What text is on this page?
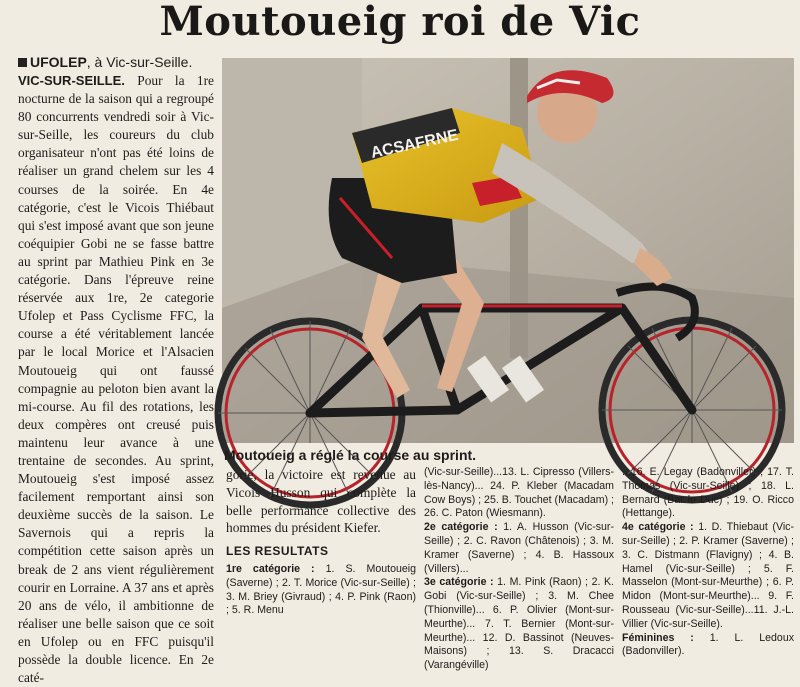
Moutoueig roi de Vic
UFOLEP, à Vic-sur-Seille.
VIC-SUR-SEILLE. Pour la 1re nocturne de la saison qui a regroupé 80 concurrents vendredi soir à Vic-sur-Seille, les coureurs du club organisateur n'ont pas été loins de réaliser un grand chelem sur les 4 courses de la soirée. En 4e catégorie, c'est le Vicois Thiébaut qui s'est imposé avant que son jeune coéquipier Gobi ne se fasse battre au sprint par Mathieu Pink en 3e catégorie. Dans l'épreuve reine réservée aux 1re, 2e categorie Ufolep et Pass Cyclisme FFC, la course a été véritablement lancée par le local Morice et l'Alsacien Moutoueig qui ont faussé compagnie au peloton bien avant la mi-course. Au fil des rotations, les deux compères ont creusé puis maintenu leur avance à une trentaine de secondes. Au sprint, Moutoueig s'est imposé assez facilement remportant ainsi son deuxième succès de la saison. Le Savernois qui a repris la compétition cette saison après un break de 2 ans vient régulièrement courir en Lorraine. A 37 ans et après 20 ans de vélo, il ambitionne de réaliser une belle saison que ce soit en Ufolep ou en FFC puisqu'il possède la double licence. En 2e caté-
ACSAFRNE
Moutoueig a réglé la course au sprint.
gorie, la victoire est revenue au Vicois Husson qui complète la belle performance collective des hommes du président Kiefer.
LES RESULTATS
1re catégorie : 1. S. Moutoueig (Saverne) ; 2. T. Morice (Vic-sur-Seille) ; 3. M. Briey (Givraud) ; 4. P. Pink (Raon) ; 5. R. Menu
(Vic-sur-Seille)...13. L. Cipresso (Villers-lès-Nancy)... 24. P. Kleber (Macadam Cow Boys) ; 25. B. Touchet (Macadam) ; 26. C. Paton (Wiesmann).
2e catégorie : 1. A. Husson (Vic-sur-Seille) ; 2. C. Ravon (Châtenois) ; 3. M. Kramer (Saverne) ; 4. B. Hassoux (Villers)...
3e catégorie : 1. M. Pink (Raon) ; 2. K. Gobi (Vic-sur-Seille) ; 3. M. Chee (Thionville)... 6. P. Olivier (Mont-sur-Meurthe)... 7. T. Bernier (Mont-sur-Meurthe)... 12. D. Bassinot (Neuves-Maisons) ; 13. S. Dracacci (Varangéville)
...16. E. Legay (Badonviller) ; 17. T. Thomas (Vic-sur-Seille) ; 18. L. Bernard (Bar le Duc) ; 19. O. Ricco (Hettange).
4e catégorie : 1. D. Thiebaut (Vic-sur-Seille) ; 2. P. Kramer (Saverne) ; 3. C. Distmann (Flavigny) ; 4. B. Hamel (Vic-sur-Seille) ; 5. F. Masselon (Mont-sur-Meurthe) ; 6. P. Midon (Mont-sur-Meurthe)... 9. F. Rousseau (Vic-sur-Seille)...11. J.-L. Villier (Vic-sur-Seille).
Féminines : 1. L. Ledoux (Badonviller).
